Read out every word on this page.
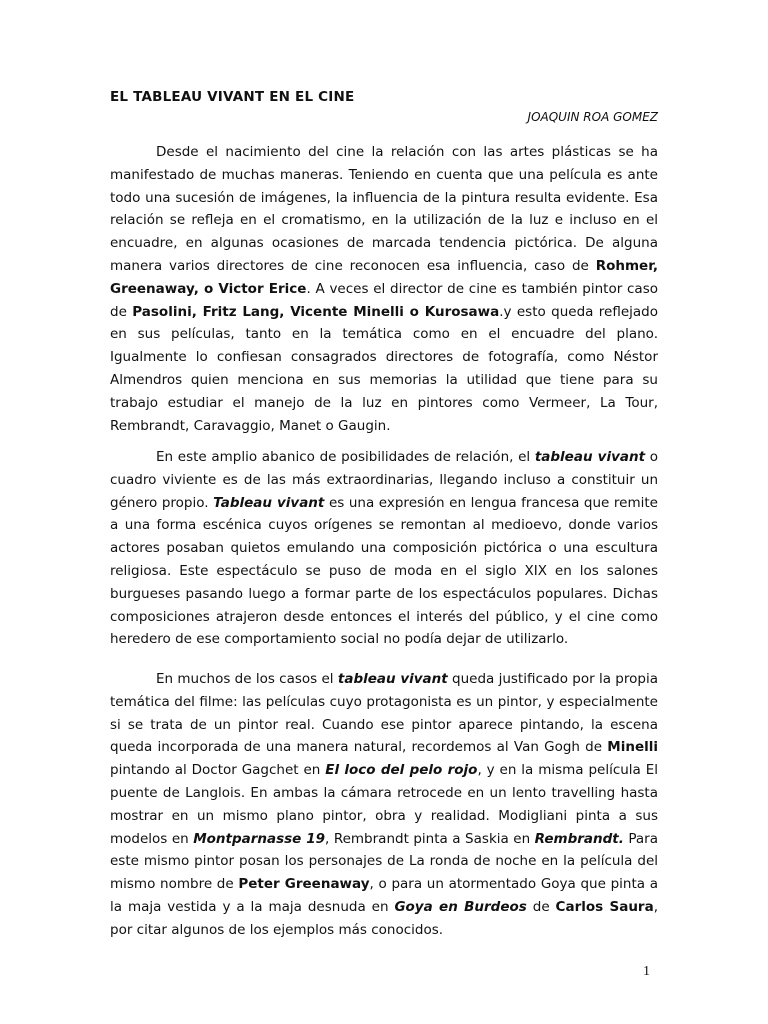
EL TABLEAU VIVANT EN EL CINE

JOAQUIN ROA GOMEZ

Desde el nacimiento del cine la relación con las artes plásticas se ha manifestado de muchas maneras. Teniendo en cuenta que una película es ante todo una sucesión de imágenes, la influencia de la pintura resulta evidente. Esa relación se refleja en el cromatismo, en la utilización de la luz e incluso en el encuadre, en algunas ocasiones de marcada tendencia pictórica. De alguna manera varios directores de cine reconocen esa influencia, caso de Rohmer, Greenaway, o Victor Erice. A veces el director de cine es también pintor caso de Pasolini, Fritz Lang, Vicente Minelli o Kurosawa.y esto queda reflejado en sus películas, tanto en la temática como en el encuadre del plano. Igualmente lo confiesan consagrados directores de fotografía, como Néstor Almendros quien menciona en sus memorias la utilidad que tiene para su trabajo estudiar el manejo de la luz en pintores como Vermeer, La Tour, Rembrandt, Caravaggio, Manet o Gaugin.

En este amplio abanico de posibilidades de relación, el tableau vivant o cuadro viviente es de las más extraordinarias, llegando incluso a constituir un género propio. Tableau vivant es una expresión en lengua francesa que remite a una forma escénica cuyos orígenes se remontan al medioevo, donde varios actores posaban quietos emulando una composición pictórica o una escultura religiosa. Este espectáculo se puso de moda en el siglo XIX en los salones burgueses pasando luego a formar parte de los espectáculos populares. Dichas composiciones atrajeron desde entonces el interés del público, y el cine como heredero de ese comportamiento social no podía dejar de utilizarlo.

En muchos de los casos el tableau vivant queda justificado por la propia temática del filme: las películas cuyo protagonista es un pintor, y especialmente si se trata de un pintor real. Cuando ese pintor aparece pintando, la escena queda incorporada de una manera natural, recordemos al Van Gogh de Minelli pintando al Doctor Gagchet en El loco del pelo rojo, y en la misma película El puente de Langlois. En ambas la cámara retrocede en un lento travelling hasta mostrar en un mismo plano pintor, obra y realidad. Modigliani pinta a sus modelos en Montparnasse 19, Rembrandt pinta a Saskia en Rembrandt. Para este mismo pintor posan los personajes de La ronda de noche en la película del mismo nombre de Peter Greenaway, o para un atormentado Goya que pinta a la maja vestida y a la maja desnuda en Goya en Burdeos de Carlos Saura, por citar algunos de los ejemplos más conocidos.

1
